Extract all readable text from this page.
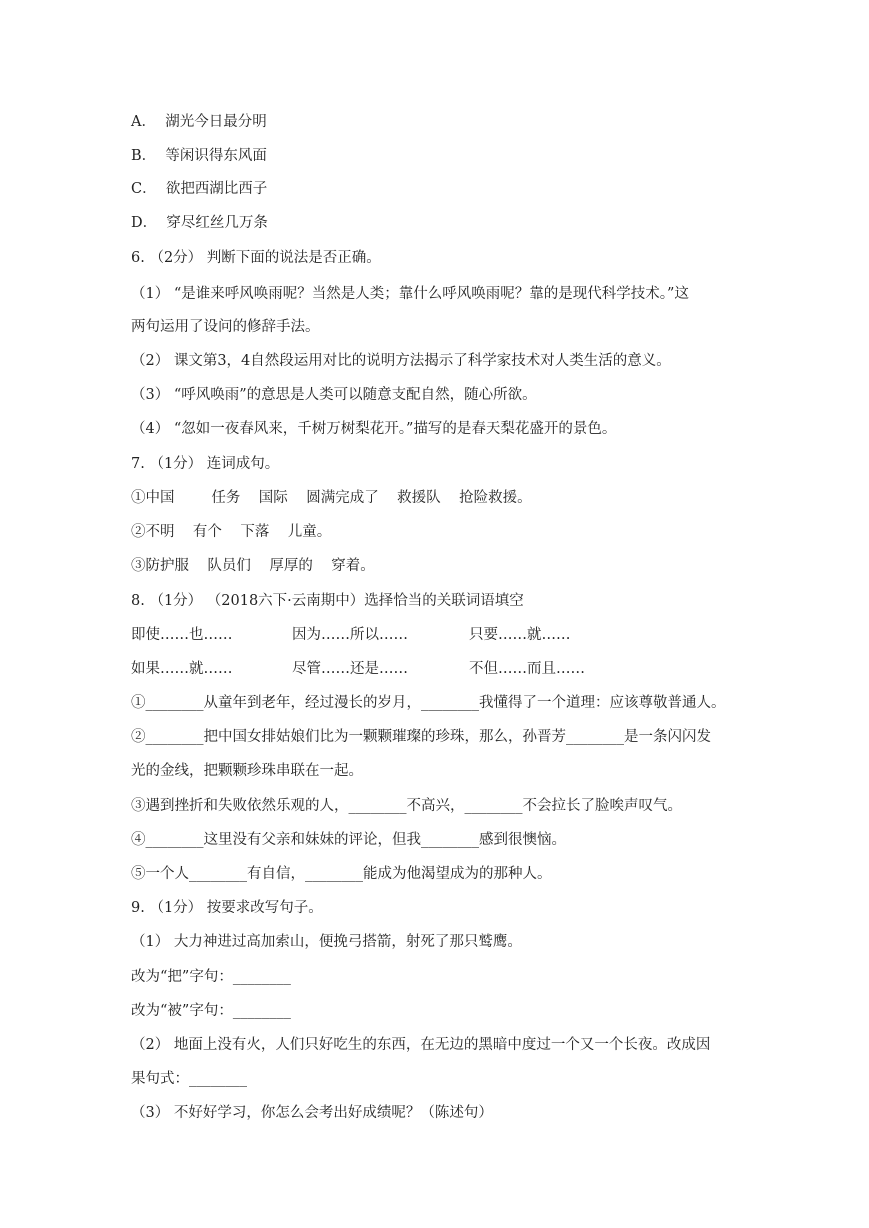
A．  湖光今日最分明
B．  等闲识得东风面
C．  欲把西湖比西子
D．  穿尽红丝几万条
6. （2分） 判断下面的说法是否正确。
（1） “是谁来呼风唤雨呢？当然是人类；靠什么呼风唤雨呢？靠的是现代科学技术。”这
两句运用了设问的修辞手法。
（2） 课文第3，4自然段运用对比的说明方法揭示了科学家技术对人类生活的意义。
（3） “呼风唤雨”的意思是人类可以随意支配自然，随心所欲。
（4） “忽如一夜春风来，千树万树梨花开。”描写的是春天梨花盛开的景色。
7. （1分） 连词成句。
①中国        任务    国际    圆满完成了    救援队    抢险救援。
②不明    有个    下落    儿童。
③防护服    队员们    厚厚的    穿着。
8. （1分） （2018六下·云南期中）选择恰当的关联词语填空

即使……也……

	因为……所以……

	只要……就……

如果……就……

	尽管……还是……

	不但……而且……

①________从童年到老年，经过漫长的岁月，________我懂得了一个道理：应该尊敬普通人。
②________把中国女排姑娘们比为一颗颗璀璨的珍珠，那么，孙晋芳________是一条闪闪发
光的金线，把颗颗珍珠串联在一起。
③遇到挫折和失败依然乐观的人，________不高兴，________不会拉长了脸唉声叹气。
④________这里没有父亲和妹妹的评论，但我________感到很懊恼。
⑤一个人________有自信，________能成为他渴望成为的那种人。
9. （1分） 按要求改写句子。
（1） 大力神进过高加索山，便挽弓搭箭，射死了那只鹫鹰。
改为“把”字句：________
改为“被”字句：________
（2） 地面上没有火，人们只好吃生的东西，在无边的黑暗中度过一个又一个长夜。改成因
果句式：________
（3） 不好好学习，你怎么会考出好成绩呢？（陈述句）
